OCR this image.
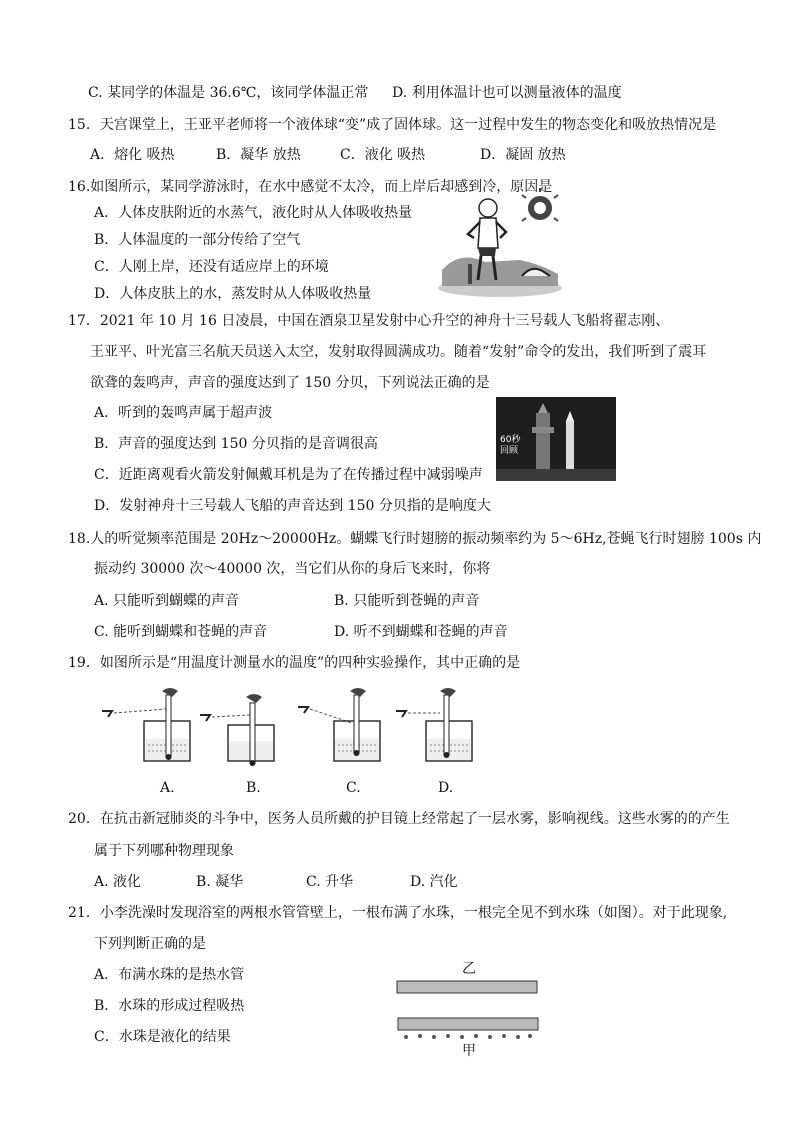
C. 某同学的体温是 36.6℃，该同学体温正常 D. 利用体温计也可以测量液体的温度
15．天宫课堂上，王亚平老师将一个液体球“变”成了固体球。这一过程中发生的物态变化和吸放热情况是
A．熔化 吸热	B．凝华 放热	C．液化 吸热	D．凝固 放热
16.如图所示，某同学游泳时，在水中感觉不太冷，而上岸后却感到冷，原因是
A．人体皮肤附近的水蒸气，液化时从人体吸收热量
B．人体温度的一部分传给了空气
C．人刚上岸，还没有适应岸上的环境
D．人体皮肤上的水，蒸发时从人体吸收热量
17．2021 年 10 月 16 日凌晨，中国在酒泉卫星发射中心升空的神舟十三号载人飞船将翟志刚、
王亚平、叶光富三名航天员送入太空，发射取得圆满成功。随着“发射”命令的发出，我们听到了震耳
欲聋的轰鸣声，声音的强度达到了 150 分贝，下列说法正确的是
A．听到的轰鸣声属于超声波
B．声音的强度达到 150 分贝指的是音调很高
C．近距离观看火箭发射佩戴耳机是为了在传播过程中减弱噪声
D．发射神舟十三号载人飞船的声音达到 150 分贝指的是响度大
60秒
回顾
18.人的听觉频率范围是 20Hz～20000Hz。蝴蝶飞行时翅膀的振动频率约为 5～6Hz,苍蝇飞行时翅膀 100s 内
振动约 30000 次～40000 次，当它们从你的身后飞来时，你将
A. 只能听到蝴蝶的声音	B. 只能听到苍蝇的声音
C. 能听到蝴蝶和苍蝇的声音	D. 听不到蝴蝶和苍蝇的声音
19．如图所示是“用温度计测量水的温度”的四种实验操作，其中正确的是
A.	B.	C.	D.
20．在抗击新冠肺炎的斗争中，医务人员所戴的护目镜上经常起了一层水雾，影响视线。这些水雾的的产生
属于下列哪种物理现象
A. 液化	B. 凝华	C. 升华	D. 汽化
21．小李洗澡时发现浴室的两根水管管壁上，一根布满了水珠，一根完全见不到水珠（如图）。对于此现象,
下列判断正确的是
A．布满水珠的是热水管
B．水珠的形成过程吸热
C．水珠是液化的结果
乙
甲
